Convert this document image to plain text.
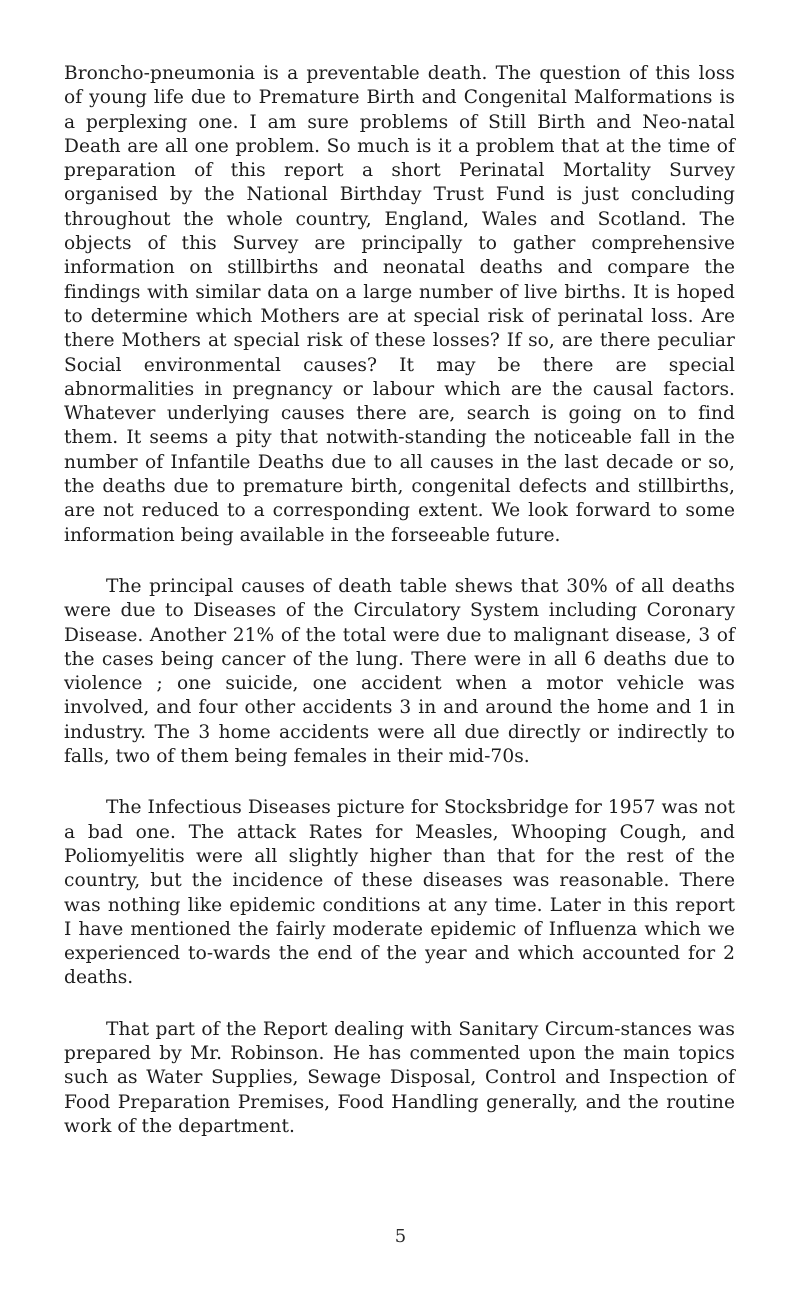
Broncho-pneumonia is a preventable death. The question of this loss of young life due to Premature Birth and Congenital Malformations is a perplexing one. I am sure problems of Still Birth and Neo-natal Death are all one problem. So much is it a problem that at the time of preparation of this report a short Perinatal Mortality Survey organised by the National Birthday Trust Fund is just concluding throughout the whole country, England, Wales and Scotland. The objects of this Survey are principally to gather comprehensive information on stillbirths and neonatal deaths and compare the findings with similar data on a large number of live births. It is hoped to determine which Mothers are at special risk of perinatal loss. Are there Mothers at special risk of these losses? If so, are there peculiar Social environmental causes? It may be there are special abnormalities in pregnancy or labour which are the causal factors. Whatever underlying causes there are, search is going on to find them. It seems a pity that notwith-standing the noticeable fall in the number of Infantile Deaths due to all causes in the last decade or so, the deaths due to premature birth, congenital defects and stillbirths, are not reduced to a corresponding extent. We look forward to some information being available in the forseeable future.

The principal causes of death table shews that 30% of all deaths were due to Diseases of the Circulatory System including Coronary Disease. Another 21% of the total were due to malignant disease, 3 of the cases being cancer of the lung. There were in all 6 deaths due to violence ; one suicide, one accident when a motor vehicle was involved, and four other accidents 3 in and around the home and 1 in industry. The 3 home accidents were all due directly or indirectly to falls, two of them being females in their mid-70s.

The Infectious Diseases picture for Stocksbridge for 1957 was not a bad one. The attack Rates for Measles, Whooping Cough, and Poliomyelitis were all slightly higher than that for the rest of the country, but the incidence of these diseases was reasonable. There was nothing like epidemic conditions at any time. Later in this report I have mentioned the fairly moderate epidemic of Influenza which we experienced to-wards the end of the year and which accounted for 2 deaths.

That part of the Report dealing with Sanitary Circum-stances was prepared by Mr. Robinson. He has commented upon the main topics such as Water Supplies, Sewage Disposal, Control and Inspection of Food Preparation Premises, Food Handling generally, and the routine work of the department.

5
